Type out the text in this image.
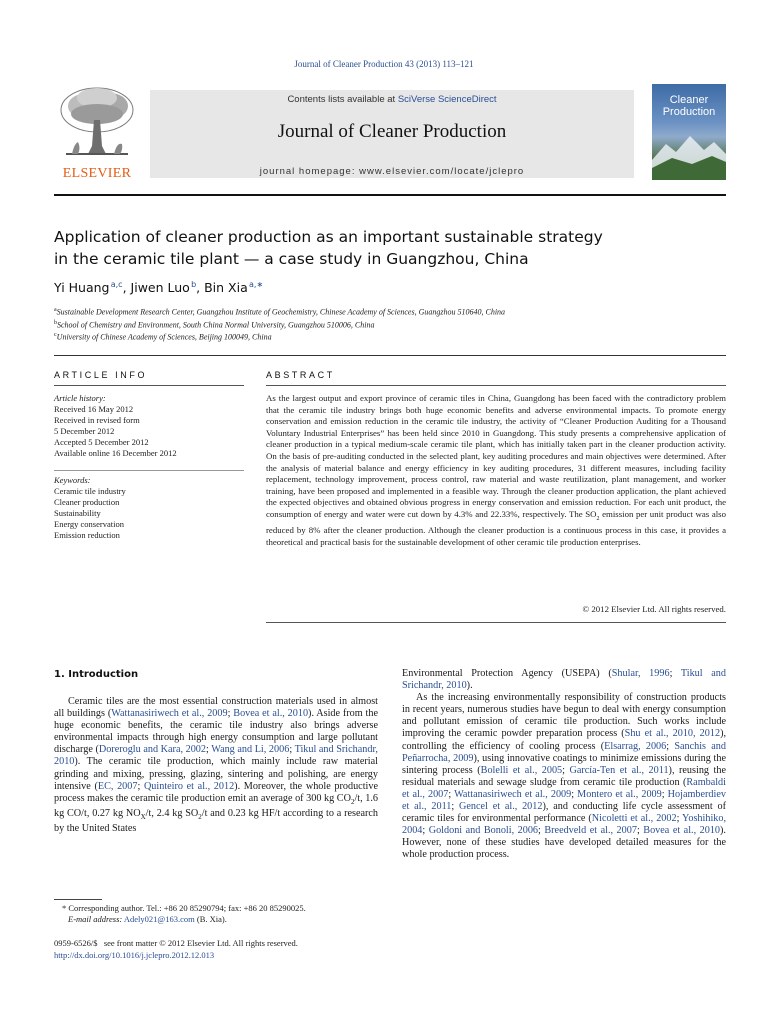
Journal of Cleaner Production 43 (2013) 113–121
ELSEVIER
Contents lists available at SciVerse ScienceDirect
Journal of Cleaner Production
journal homepage: www.elsevier.com/locate/jclepro
Cleaner
Production
Application of cleaner production as an important sustainable strategy
in the ceramic tile plant — a case study in Guangzhou, China
Yi Huang $^{a,c}$, Jiwen Luo $^b$, Bin Xia $^{a,∗}$
$^a$Sustainable Development Research Center, Guangzhou Institute of Geochemistry, Chinese Academy of Sciences, Guangzhou 510640, China
$^b$School of Chemistry and Environment, South China Normal University, Guangzhou 510006, China
$^c$University of Chinese Academy of Sciences, Beijing 100049, China
ARTICLE INFO	ABSTRACT
Article history:
Received 16 May 2012
Received in revised form
5 December 2012
Accepted 5 December 2012
Available online 16 December 2012
Keywords:
Ceramic tile industry
Cleaner production
Sustainability
Energy conservation
Emission reduction
As the largest output and export province of ceramic tiles in China, Guangdong has been faced with the contradictory problem that the ceramic tile industry brings both huge economic benefits and adverse environmental impacts. To promote energy conservation and emission reduction in the ceramic tile industry, the activity of “Cleaner Production Auditing for a Thousand Voluntary Industrial Enterprises” has been held since 2010 in Guangdong. This study presents a comprehensive application of cleaner production in a typical medium-scale ceramic tile plant, which has initially taken part in the cleaner production activity. On the basis of pre-auditing conducted in the selected plant, key auditing procedures and main objectives were determined. After the analysis of material balance and energy efficiency in key auditing procedures, 31 different measures, including facility replacement, technology improvement, process control, raw material and waste reutilization, plant management, and worker training, have been proposed and implemented in a feasible way. Through the cleaner production application, the plant achieved the expected objectives and obtained obvious progress in energy conservation and emission reduction. For each unit product, the consumption of energy and water were cut down by 4.3% and 22.33%, respectively. The $SO_2$ emission per unit product was also reduced by 8% after the cleaner production. Although the cleaner production is a continuous process in this case, it provides a theoretical and practical basis for the sustainable development of other ceramic tile production enterprises.
© 2012 Elsevier Ltd. All rights reserved.
1. Introduction
Ceramic tiles are the most essential construction materials used in almost all buildings (Wattanasiriwech et al., 2009; Bovea et al., 2010). Aside from the huge economic benefits, the ceramic tile industry also brings adverse environmental impacts through high energy consumption and large pollutant discharge (Doreroglu and Kara, 2002; Wang and Li, 2006; Tikul and Srichandr, 2010). The ceramic tile production, which mainly include raw material grinding and mixing, pressing, glazing, sintering and polishing, are energy intensive (EC, 2007; Quinteiro et al., 2012). Moreover, the whole productive process makes the ceramic tile production emit an average of 300 kg $CO_2/t$, 1.6 kg CO/t, 0.27 kg $NO_X/t$, 2.4 kg $SO_2/t$ and 0.23 kg HF/t according to a research by the United States
Environmental Protection Agency (USEPA) (Shular, 1996; Tikul and Srichandr, 2010).
As the increasing environmentally responsibility of construction products in recent years, numerous studies have begun to deal with energy consumption and pollutant emission of ceramic tile production. Such works include improving the ceramic powder preparation process (Shu et al., 2010, 2012), controlling the efficiency of cooling process (Elsarrag, 2006; Sanchis and Peñarrocha, 2009), using innovative coatings to minimize emissions during the sintering process (Bolelli et al., 2005; García-Ten et al., 2011), reusing the residual materials and sewage sludge from ceramic tile production (Rambaldi et al., 2007; Wattanasiriwech et al., 2009; Montero et al., 2009; Hojamberdiev et al., 2011; Gencel et al., 2012), and conducting life cycle assessment of ceramic tiles for environmental performance (Nicoletti et al., 2002; Yoshihiko, 2004; Goldoni and Bonoli, 2006; Breedveld et al., 2007; Bovea et al., 2010). However, none of these studies have developed detailed measures for the whole production process.
* Corresponding author. Tel.: +86 20 85290794; fax: +86 20 85290025.
E-mail address: Adely021@163.com (B. Xia).
0959-6526/$   see front matter © 2012 Elsevier Ltd. All rights reserved.
http://dx.doi.org/10.1016/j.jclepro.2012.12.013
